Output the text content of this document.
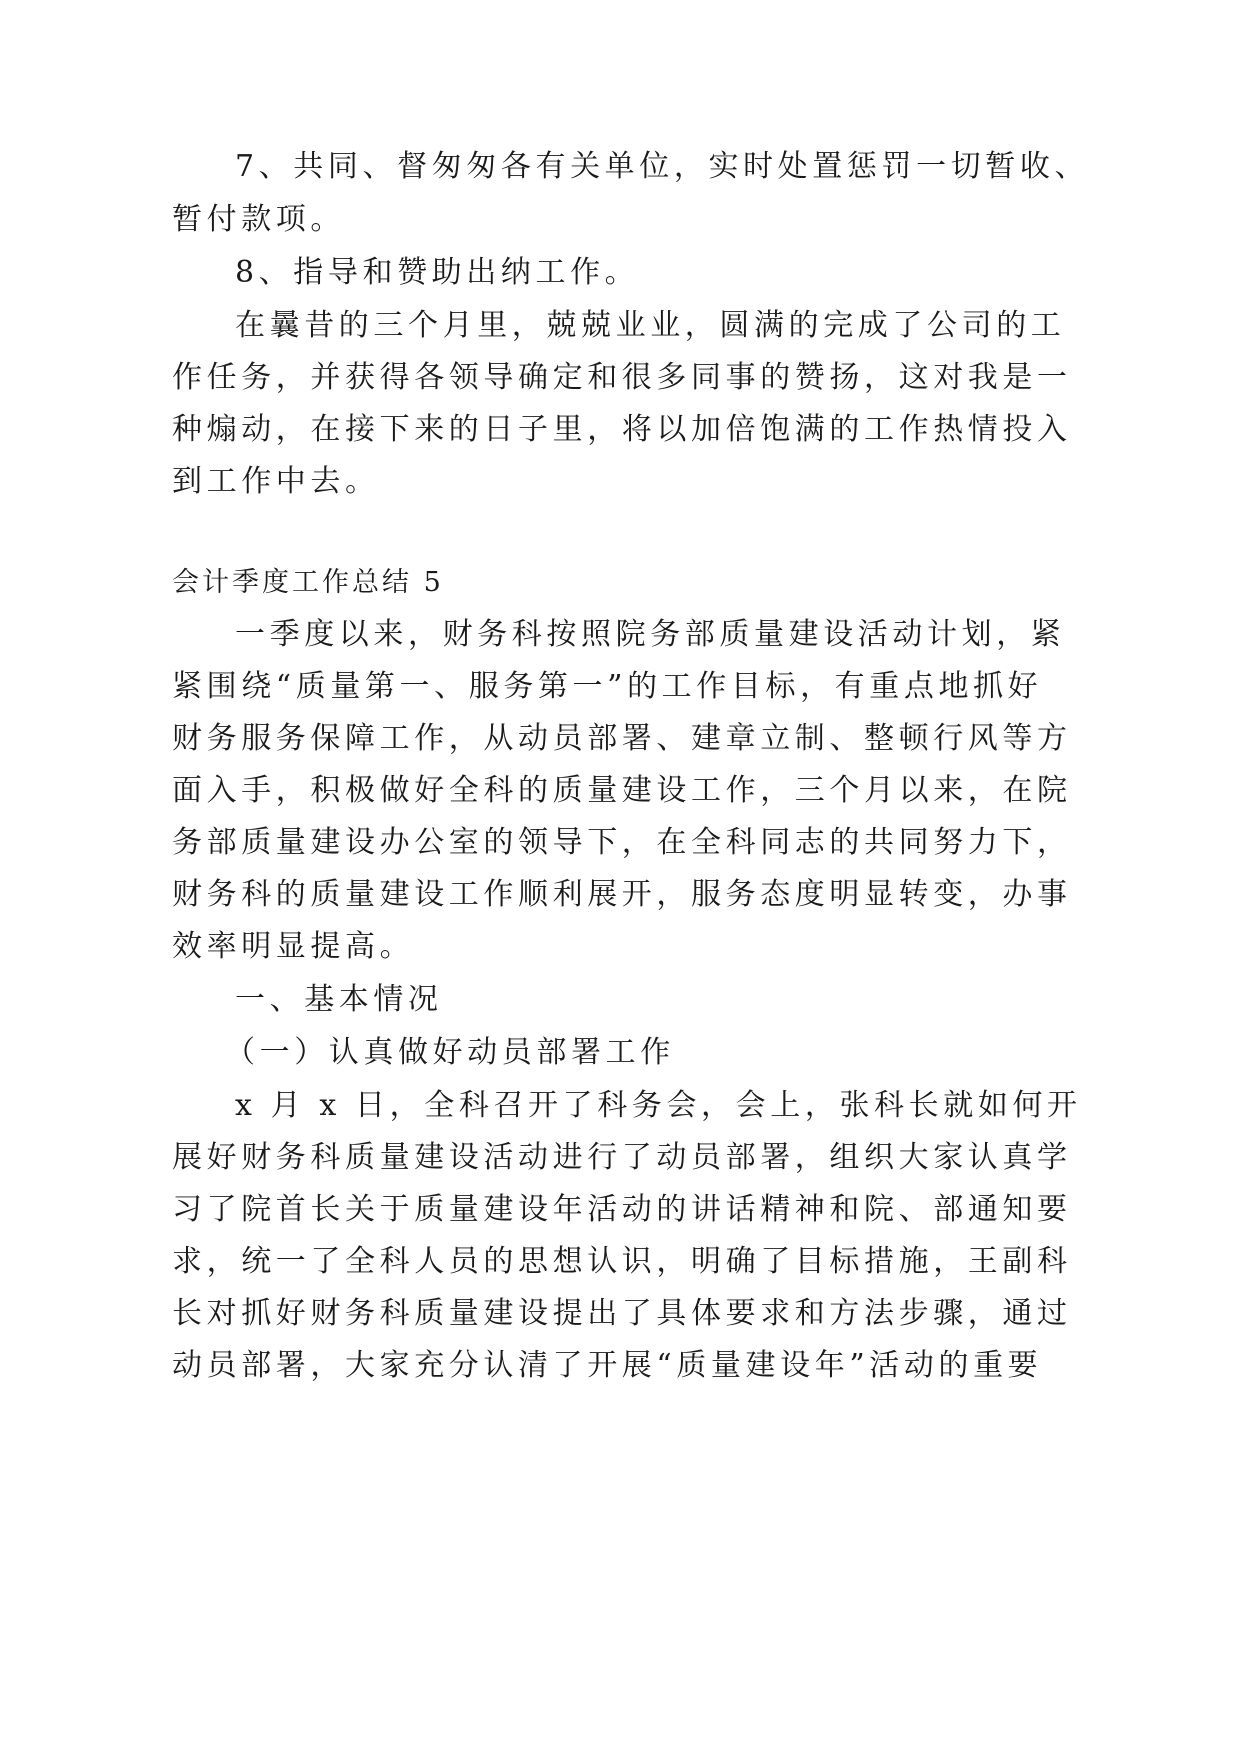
7、共同、督匆匆各有关单位，实时处置惩罚一切暂收、
暂付款项。
8、指导和赞助出纳工作。
在曩昔的三个月里，兢兢业业，圆满的完成了公司的工
作任务，并获得各领导确定和很多同事的赞扬，这对我是一
种煽动，在接下来的日子里，将以加倍饱满的工作热情投入
到工作中去。
会计季度工作总结 5
一季度以来，财务科按照院务部质量建设活动计划，紧
紧围绕“质量第一、服务第一”的工作目标，有重点地抓好
财务服务保障工作，从动员部署、建章立制、整顿行风等方
面入手，积极做好全科的质量建设工作，三个月以来，在院
务部质量建设办公室的领导下，在全科同志的共同努力下，
财务科的质量建设工作顺利展开，服务态度明显转变，办事
效率明显提高。
一、基本情况
（一）认真做好动员部署工作
x 月 x 日，全科召开了科务会，会上，张科长就如何开
展好财务科质量建设活动进行了动员部署，组织大家认真学
习了院首长关于质量建设年活动的讲话精神和院、部通知要
求，统一了全科人员的思想认识，明确了目标措施，王副科
长对抓好财务科质量建设提出了具体要求和方法步骤，通过
动员部署，大家充分认清了开展“质量建设年”活动的重要
